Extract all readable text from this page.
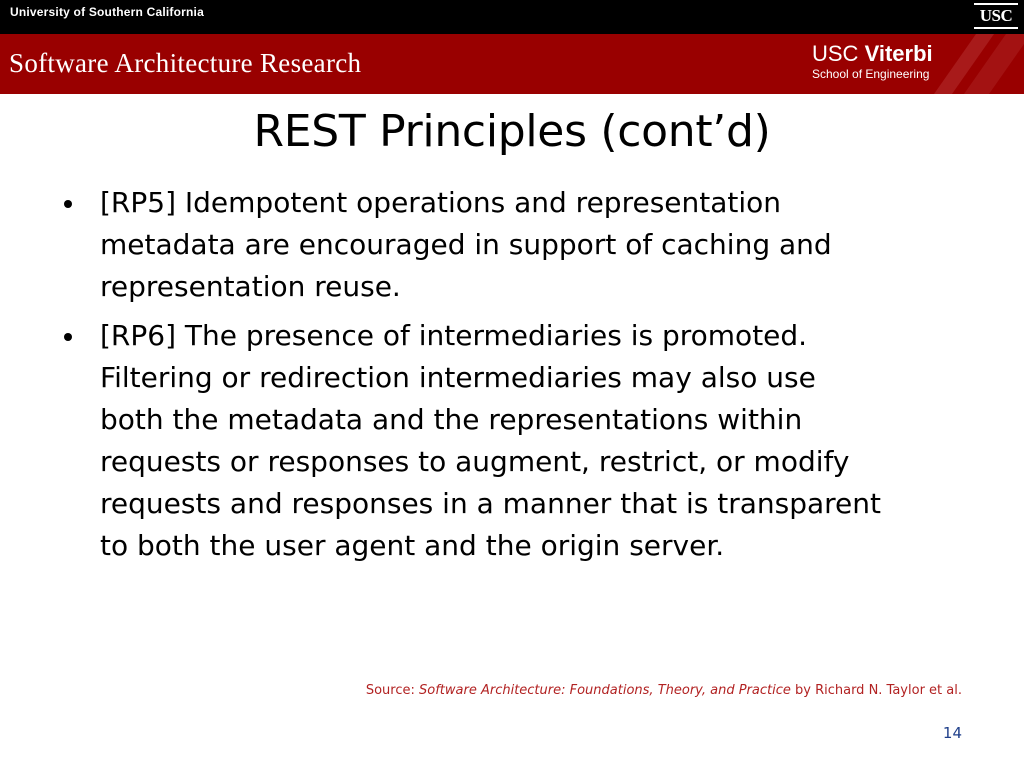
University of Southern California	USC
Software Architecture Research	USC Viterbi
School of Engineering
REST Principles (cont’d)
[RP5] Idempotent operations and representation
metadata are encouraged in support of caching and
representation reuse.
[RP6] The presence of intermediaries is promoted.
Filtering or redirection intermediaries may also use
both the metadata and the representations within
requests or responses to augment, restrict, or modify
requests and responses in a manner that is transparent
to both the user agent and the origin server.
Source: Software Architecture: Foundations, Theory, and Practice by Richard N. Taylor et al.
14
